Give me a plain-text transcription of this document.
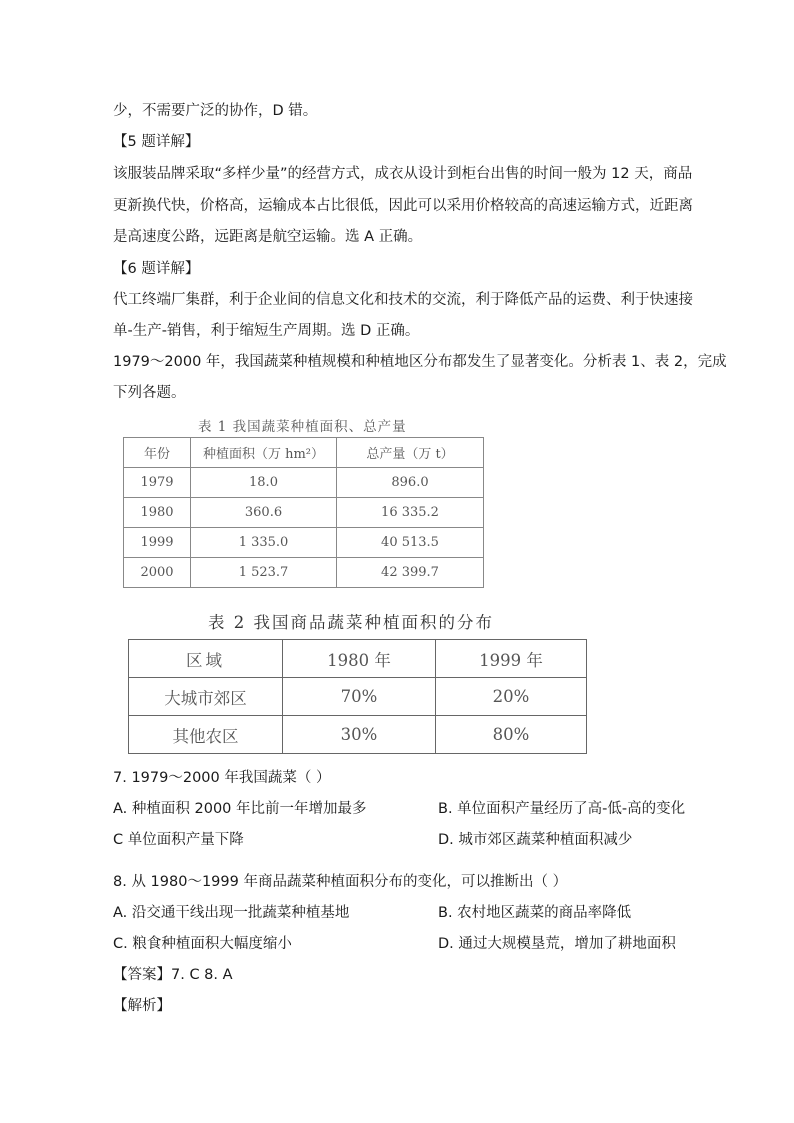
少，不需要广泛的协作，D 错。
【5 题详解】
该服装品牌采取“多样少量”的经营方式，成衣从设计到柜台出售的时间一般为 12 天，商品
更新换代快，价格高，运输成本占比很低，因此可以采用价格较高的高速运输方式，近距离
是高速度公路，远距离是航空运输。选 A 正确。
【6 题详解】
代工终端厂集群，利于企业间的信息文化和技术的交流，利于降低产品的运费、利于快速接
单-生产-销售，利于缩短生产周期。选 D 正确。
1979～2000 年，我国蔬菜种植规模和种植地区分布都发生了显著变化。分析表 1、表 2，完成
下列各题。
表 1 我国蔬菜种植面积、总产量
年份	种植面积（万 hm²）	总产量（万 t）
1979	18.0	896.0
1980	360.6	16 335.2
1999	1 335.0	40 513.5
2000	1 523.7	42 399.7
表 2 我国商品蔬菜种植面积的分布
区域	1980 年	1999 年
大城市郊区	70%	20%
其他农区	30%	80%
7. 1979～2000 年我国蔬菜（ ）
A. 种植面积 2000 年比前一年增加最多	B. 单位面积产量经历了高-低-高的变化
C 单位面积产量下降	D. 城市郊区蔬菜种植面积减少
8. 从 1980～1999 年商品蔬菜种植面积分布的变化，可以推断出（ ）
A. 沿交通干线出现一批蔬菜种植基地	B. 农村地区蔬菜的商品率降低
C. 粮食种植面积大幅度缩小	D. 通过大规模垦荒，增加了耕地面积
【答案】7. C 8. A
【解析】
